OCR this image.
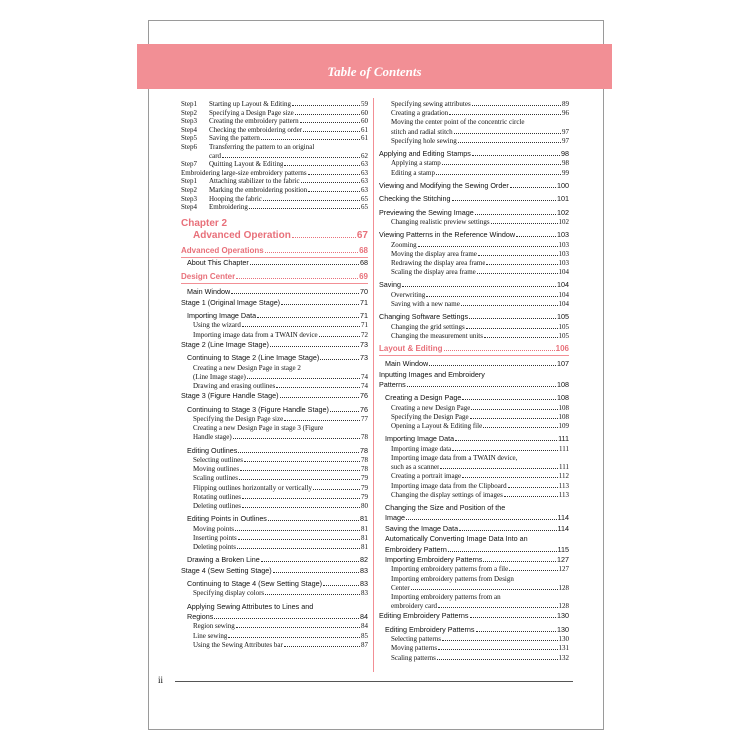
Table of Contents
Step1	Starting up Layout & Editing	59
Step2	Specifying a Design Page size	60
Step3	Creating the embroidery pattern	60
Step4	Checking the embroidering order	61
Step5	Saving the pattern	61
Step6	Transferring the pattern to an original
card	62
Step7	Quitting Layout & Editing	63
Embroidering large-size embroidery patterns	63
Step1	Attaching stabilizer to the fabric	63
Step2	Marking the embroidering position	63
Step3	Hooping the fabric	65
Step4	Embroidering	65
Chapter 2
Advanced Operation	67
Advanced Operations	68
About This Chapter	68
Design Center	69
Main Window	70
Stage 1 (Original Image Stage)	71
Importing Image Data	71
Using the wizard	71
Importing image data from a TWAIN device	72
Stage 2 (Line Image Stage)	73
Continuing to Stage 2 (Line Image Stage)	73
Creating a new Design Page in stage 2
(Line Image stage)	74
Drawing and erasing outlines	74
Stage 3 (Figure Handle Stage)	76
Continuing to Stage 3 (Figure Handle Stage)	76
Specifying the Design Page size	77
Creating a new Design Page in stage 3 (Figure
Handle stage)	78
Editing Outlines	78
Selecting outlines	78
Moving outlines	78
Scaling outlines	79
Flipping outlines horizontally or vertically	79
Rotating outlines	79
Deleting outlines	80
Editing Points in Outlines	81
Moving points	81
Inserting points	81
Deleting points	81
Drawing a Broken Line	82
Stage 4 (Sew Setting Stage)	83
Continuing to Stage 4 (Sew Setting Stage)	83
Specifying display colors	83
Applying Sewing Attributes to Lines and
Regions	84
Region sewing	84
Line sewing	85
Using the Sewing Attributes bar	87
Specifying sewing attributes	89
Creating a gradation	96
Moving the center point of the concentric circle
stitch and radial stitch	97
Specifying hole sewing	97
Applying and Editing Stamps	98
Applying a stamp	98
Editing a stamp	99
Viewing and Modifying the Sewing Order	100
Checking the Stitching	101
Previewing the Sewing Image	102
Changing realistic preview settings	102
Viewing Patterns in the Reference Window	103
Zooming	103
Moving the display area frame	103
Redrawing the display area frame	103
Scaling the display area frame	104
Saving	104
Overwriting	104
Saving with a new name	104
Changing Software Settings	105
Changing the grid settings	105
Changing the measurement units	105
Layout & Editing	106
Main Window	107
Inputting Images and Embroidery
Patterns	108
Creating a Design Page	108
Creating a new Design Page	108
Specifying the Design Page	108
Opening a Layout & Editing file	109
Importing Image Data	111
Importing image data	111
Importing image data from a TWAIN device,
such as a scanner	111
Creating a portrait image	112
Importing image data from the Clipboard	113
Changing the display settings of images	113
Changing the Size and Position of the
Image	114
Saving the Image Data	114
Automatically Converting Image Data Into an
Embroidery Pattern	115
Importing Embroidery Patterns	127
Importing embroidery patterns from a file	127
Importing embroidery patterns from Design
Center	128
Importing embroidery patterns from an
embroidery card	128
Editing Embroidery Patterns	130
Editing Embroidery Patterns	130
Selecting patterns	130
Moving patterns	131
Scaling patterns	132
ii
